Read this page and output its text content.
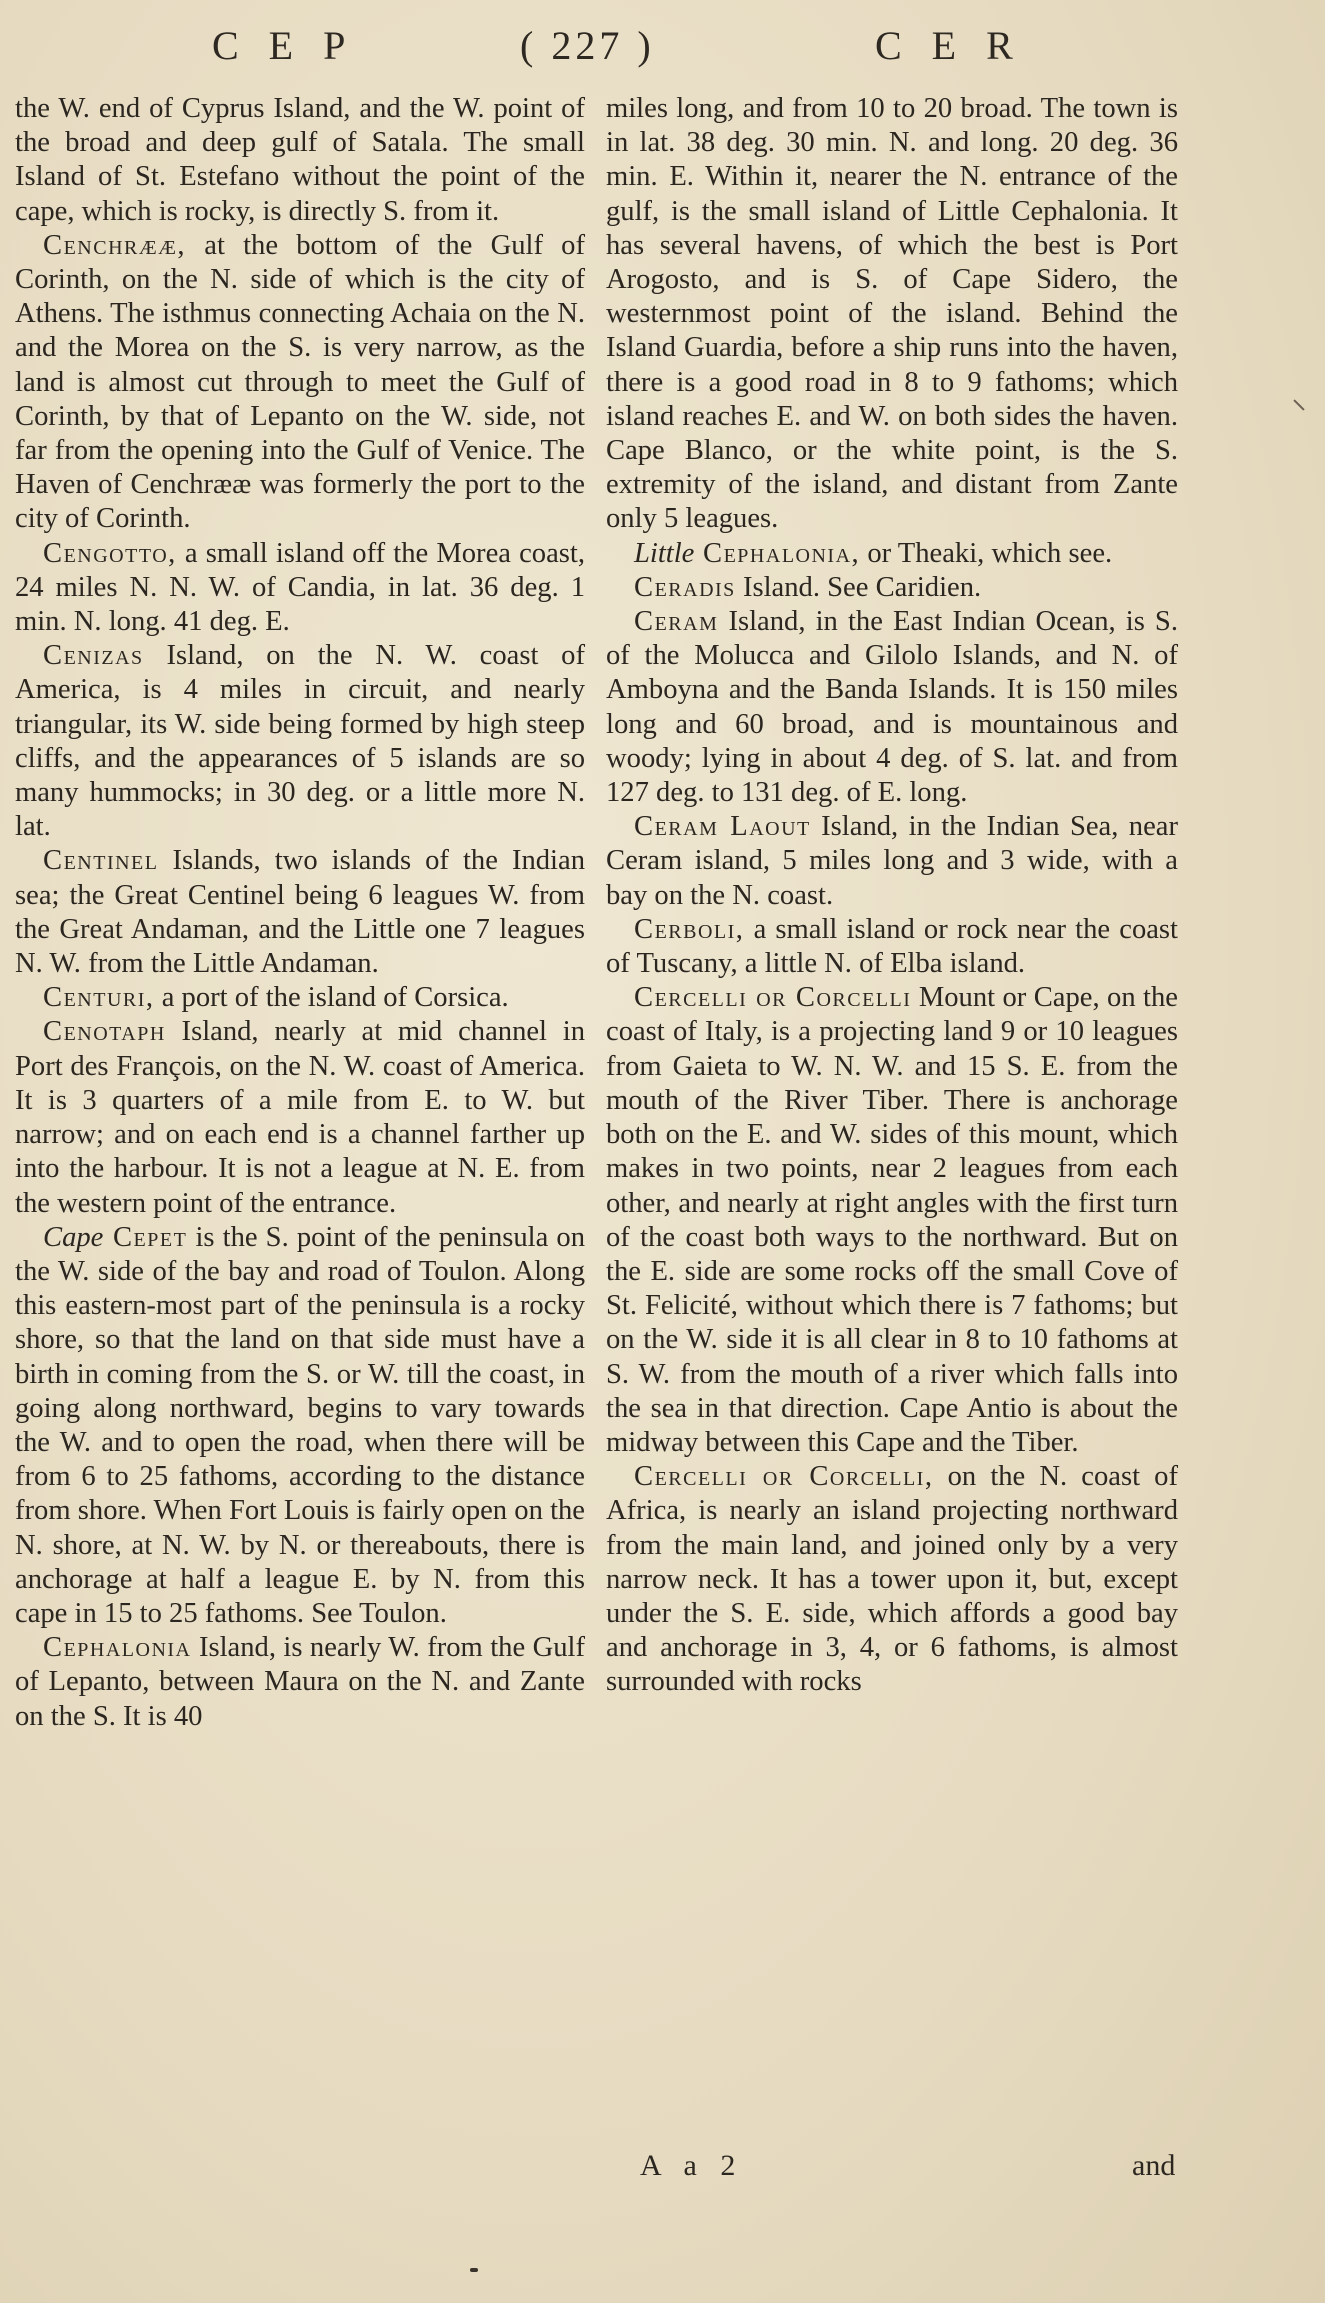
C E P	( 227 )	C E R

the W. end of Cyprus Island, and the W. point of the broad and deep gulf of Satala. The small Island of St. Estefano without the point of the cape, which is rocky, is directly S. from it.

Cenchrææ, at the bottom of the Gulf of Corinth, on the N. side of which is the city of Athens. The isthmus connecting Achaia on the N. and the Morea on the S. is very narrow, as the land is almost cut through to meet the Gulf of Corinth, by that of Lepanto on the W. side, not far from the opening into the Gulf of Venice. The Haven of Cenchrææ was formerly the port to the city of Corinth.

Cengotto, a small island off the Morea coast, 24 miles N. N. W. of Candia, in lat. 36 deg. 1 min. N. long. 41 deg. E.

Cenizas Island, on the N. W. coast of America, is 4 miles in circuit, and nearly triangular, its W. side being formed by high steep cliffs, and the appearances of 5 islands are so many hummocks; in 30 deg. or a little more N. lat.

Centinel Islands, two islands of the Indian sea; the Great Centinel being 6 leagues W. from the Great Andaman, and the Little one 7 leagues N. W. from the Little Andaman.

Centuri, a port of the island of Corsica.

Cenotaph Island, nearly at mid channel in Port des François, on the N. W. coast of America. It is 3 quarters of a mile from E. to W. but narrow; and on each end is a channel farther up into the harbour. It is not a league at N. E. from the western point of the entrance.

Cape Cepet is the S. point of the peninsula on the W. side of the bay and road of Toulon. Along this eastern-most part of the peninsula is a rocky shore, so that the land on that side must have a birth in coming from the S. or W. till the coast, in going along northward, begins to vary towards the W. and to open the road, when there will be from 6 to 25 fathoms, according to the distance from shore. When Fort Louis is fairly open on the N. shore, at N. W. by N. or thereabouts, there is anchorage at half a league E. by N. from this cape in 15 to 25 fathoms. See Toulon.

Cephalonia Island, is nearly W. from the Gulf of Lepanto, between Maura on the N. and Zante on the S. It is 40

miles long, and from 10 to 20 broad. The town is in lat. 38 deg. 30 min. N. and long. 20 deg. 36 min. E. Within it, nearer the N. entrance of the gulf, is the small island of Little Cephalonia. It has several havens, of which the best is Port Arogosto, and is S. of Cape Sidero, the westernmost point of the island. Behind the Island Guardia, before a ship runs into the haven, there is a good road in 8 to 9 fathoms; which island reaches E. and W. on both sides the haven. Cape Blanco, or the white point, is the S. extremity of the island, and distant from Zante only 5 leagues.

Little Cephalonia, or Theaki, which see.

Ceradis Island. See Caridien.

Ceram Island, in the East Indian Ocean, is S. of the Molucca and Gilolo Islands, and N. of Amboyna and the Banda Islands. It is 150 miles long and 60 broad, and is mountainous and woody; lying in about 4 deg. of S. lat. and from 127 deg. to 131 deg. of E. long.

Ceram Laout Island, in the Indian Sea, near Ceram island, 5 miles long and 3 wide, with a bay on the N. coast.

Cerboli, a small island or rock near the coast of Tuscany, a little N. of Elba island.

Cercelli or Corcelli Mount or Cape, on the coast of Italy, is a projecting land 9 or 10 leagues from Gaieta to W. N. W. and 15 S. E. from the mouth of the River Tiber. There is anchorage both on the E. and W. sides of this mount, which makes in two points, near 2 leagues from each other, and nearly at right angles with the first turn of the coast both ways to the northward. But on the E. side are some rocks off the small Cove of St. Felicité, without which there is 7 fathoms; but on the W. side it is all clear in 8 to 10 fathoms at S. W. from the mouth of a river which falls into the sea in that direction. Cape Antio is about the midway between this Cape and the Tiber.

Cercelli or Corcelli, on the N. coast of Africa, is nearly an island projecting northward from the main land, and joined only by a very narrow neck. It has a tower upon it, but, except under the S. E. side, which affords a good bay and anchorage in 3, 4, or 6 fathoms, is almost surrounded with rocks

A a 2	and
